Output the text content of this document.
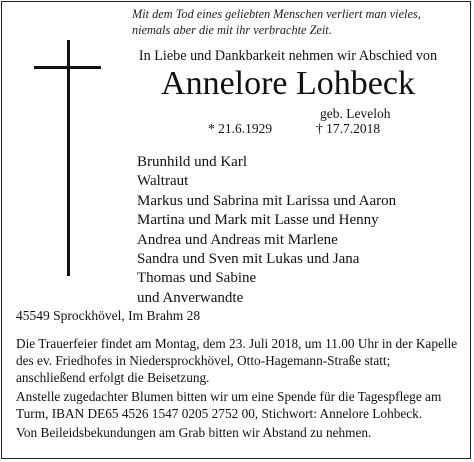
Mit dem Tod eines geliebten Menschen verliert man vieles,
niemals aber die mit ihr verbrachte Zeit.
In Liebe und Dankbarkeit nehmen wir Abschied von
Annelore Lohbeck
geb. Leveloh
* 21.6.1929	† 17.7.2018
Brunhild und Karl
Waltraut
Markus und Sabrina mit Larissa und Aaron
Martina und Mark mit Lasse und Henny
Andrea und Andreas mit Marlene
Sandra und Sven mit Lukas und Jana
Thomas und Sabine
und Anverwandte
45549 Sprockhövel, Im Brahm 28
Die Trauerfeier findet am Montag, dem 23. Juli 2018, um 11.00 Uhr in der Kapelle
des ev. Friedhofes in Niedersprockhövel, Otto-Hagemann-Straße statt;
anschließend erfolgt die Beisetzung.
Anstelle zugedachter Blumen bitten wir um eine Spende für die Tagespflege am
Turm, IBAN DE65 4526 1547 0205 2752 00, Stichwort: Annelore Lohbeck.
Von Beileidsbekundungen am Grab bitten wir Abstand zu nehmen.
